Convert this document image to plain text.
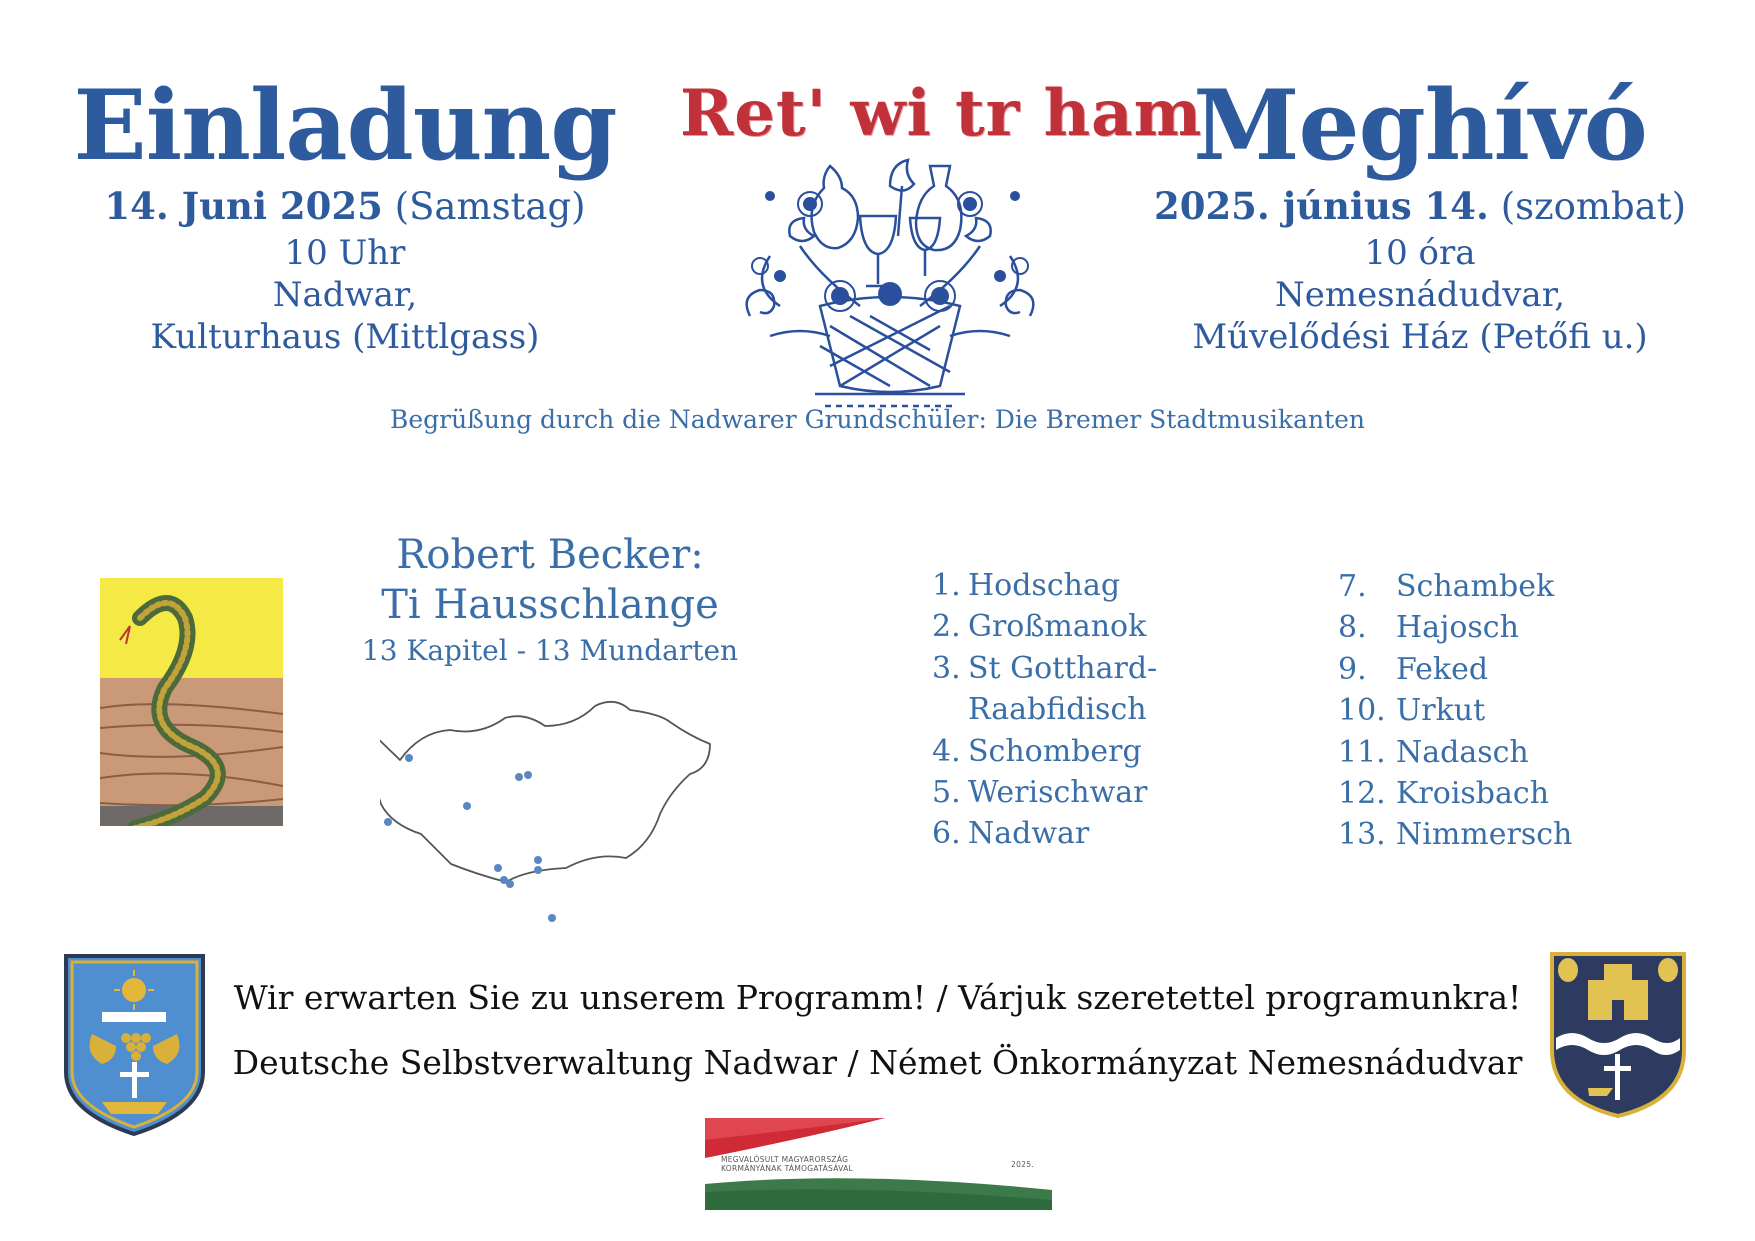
Einladung
14. Juni 2025 (Samstag)
10 Uhr
Nadwar,
Kulturhaus (Mittlgass)
Meghívó
2025. június 14. (szombat)
10 óra
Nemesnádudvar,
Művelődési Ház (Petőfi u.)
Ret' wi tr ham
Begrüßung durch die Nadwarer Grundschüler: Die Bremer Stadtmusikanten
Robert Becker:
Ti Hausschlange
13 Kapitel - 13 Mundarten
1. Hodschag
2. Großmanok
3. St Gotthard-
Raabfidisch
4. Schomberg
5. Werischwar
6. Nadwar
7. Schambek
8. Hajosch
9. Feked
10. Urkut
11. Nadasch
12. Kroisbach
13. Nimmersch
Wir erwarten Sie zu unserem Programm! / Várjuk szeretettel programunkra!
Deutsche Selbstverwaltung Nadwar / Német Önkormányzat Nemesnádudvar
MEGVALÓSULT MAGYARORSZÁG
KORMÁNYÁNAK TÁMOGATÁSÁVAL	2025.
